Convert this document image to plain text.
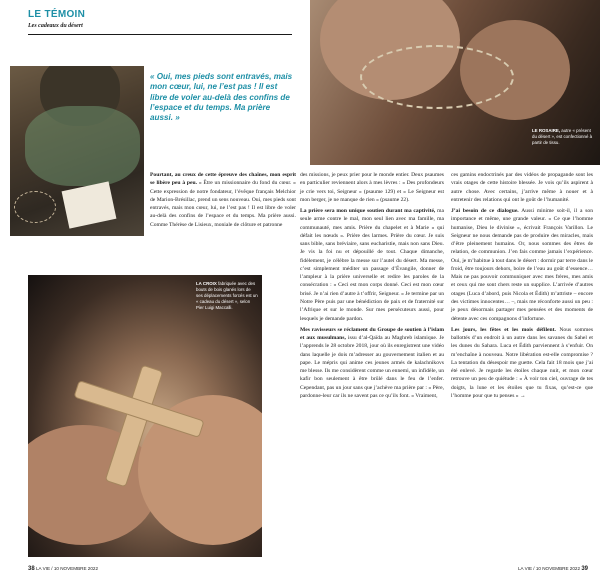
LE TÉMOIN
Les cadeaux du désert
« Oui, mes pieds sont entravés, mais mon cœur, lui, ne l’est pas ! Il est libre de voler au-delà des confins de l’espace et du temps. Ma prière aussi. »
LA CROIX fabriquée avec des bouts de bois glanés lors de ses déplacements forcés est un « cadeau du désert », selon Pier Luigi Maccalli.
LE ROSAIRE, autre « présent du désert », est confectionné à partir de tissu.

Pourtant, au creux de cette épreuve des chaînes, mon esprit se libère peu à peu. « Être un missionnaire du fond du cœur. » Cette expression de notre fondateur, l’évêque français Melchior de Marion-Brésillac, prend un sens nouveau. Oui, mes pieds sont entravés, mais mon cœur, lui, ne l’est pas ! Il est libre de voler au-delà des confins de l’espace et du temps. Ma prière aussi. Comme Thérèse de Lisieux, moniale de clôture et patronne

des missions, je peux prier pour le monde entier. Deux psaumes en particulier reviennent alors à mes lèvres : « Des profondeurs je crie vers toi, Seigneur » (psaume 129) et « Le Seigneur est mon berger, je ne manque de rien » (psaume 22).

La prière sera mon unique soutien durant ma captivité, ma seule arme contre le mal, mon seul lien avec ma famille, ma communauté, mes amis. Prière du chapelet et à Marie « qui défait les nœuds ». Prière des larmes. Prière du cœur. Je suis sans bible, sans bréviaire, sans eucharistie, mais non sans Dieu. Je vis la foi nu et dépouillé de tout. Chaque dimanche, fidèlement, je célèbre la messe sur l’autel du désert. Ma messe, c’est simplement méditer un passage d’Évangile, donner de l’ampleur à la prière universelle et redire les paroles de la consécration : « Ceci est mon corps donné. Ceci est mon cœur brisé. Je n’ai rien d’autre à t’offrir, Seigneur. » Je termine par un Notre Père puis par une bénédiction de paix et de fraternité sur l’Afrique et sur le monde. Sur mes persécuteurs aussi, pour lesquels je demande pardon.

Mes ravisseurs se réclament du Groupe de soutien à l’islam et aux musulmans, issu d’al-Qaïda au Maghreb islamique. Je l’apprends le 28 octobre 2018, jour où ils enregistrent une vidéo dans laquelle je dois m’adresser au gouvernement italien et au pape. Le mépris qui anime ces jeunes armés de kalachnikovs me blesse. Ils me considèrent comme un ennemi, un infidèle, un kafir bon seulement à être brûlé dans le feu de l’enfer. Cependant, pas un jour sans que j’achève ma prière par : « Père, pardonne-leur car ils ne savent pas ce qu’ils font. » Vraiment,

ces gamins endoctrinés par des vidéos de propagande sont les vrais otages de cette histoire blessée. Je vois qu’ils aspirent à autre chose. Avec certains, j’arrive même à nouer et à entretenir des relations qui ont le goût de l’humanité.

J’ai besoin de ce dialogue. Aussi minime soit-il, il a son importance et même, une grande valeur. « Ce que l’homme humanise, Dieu le divinise », écrivait François Varillon. Le Seigneur ne nous demande pas de produire des miracles, mais d’être pleinement humains. Or, nous sommes des êtres de relation, de communion. J’en fais comme jamais l’expérience. Oui, je m’habitue à tout dans le désert : dormir par terre dans le froid, être toujours dehors, boire de l’eau au goût d’essence… Mais ne pas pouvoir communiquer avec mes frères, mes amis et ceux qui me sont chers reste un supplice. L’arrivée d’autres otages (Luca d’abord, puis Nicola et Édith) m’attriste – encore des victimes innocentes… –, mais me réconforte aussi un peu : je peux désormais partager mes pensées et des moments de détente avec ces compagnons d’infortune.

Les jours, les fêtes et les mois défilent. Nous sommes ballottés d’un endroit à un autre dans les savanes du Sahel et les dunes du Sahara. Luca et Édith parviennent à s’enfuir. On m’enchaîne à nouveau. Notre libération est-elle compromise ? La tentation du désespoir me guette. Cela fait 18 mois que j’ai été enlevé. Je regarde les étoiles chaque nuit, et mon cœur retrouve un peu de quiétude : « À voir ton ciel, ouvrage de tes doigts, la lune et les étoiles que tu fixas, qu’est-ce que l’homme pour que tu penses » →

38 LA VIE / 10 NOVEMBRE 2022	LA VIE / 10 NOVEMBRE 2022 39
